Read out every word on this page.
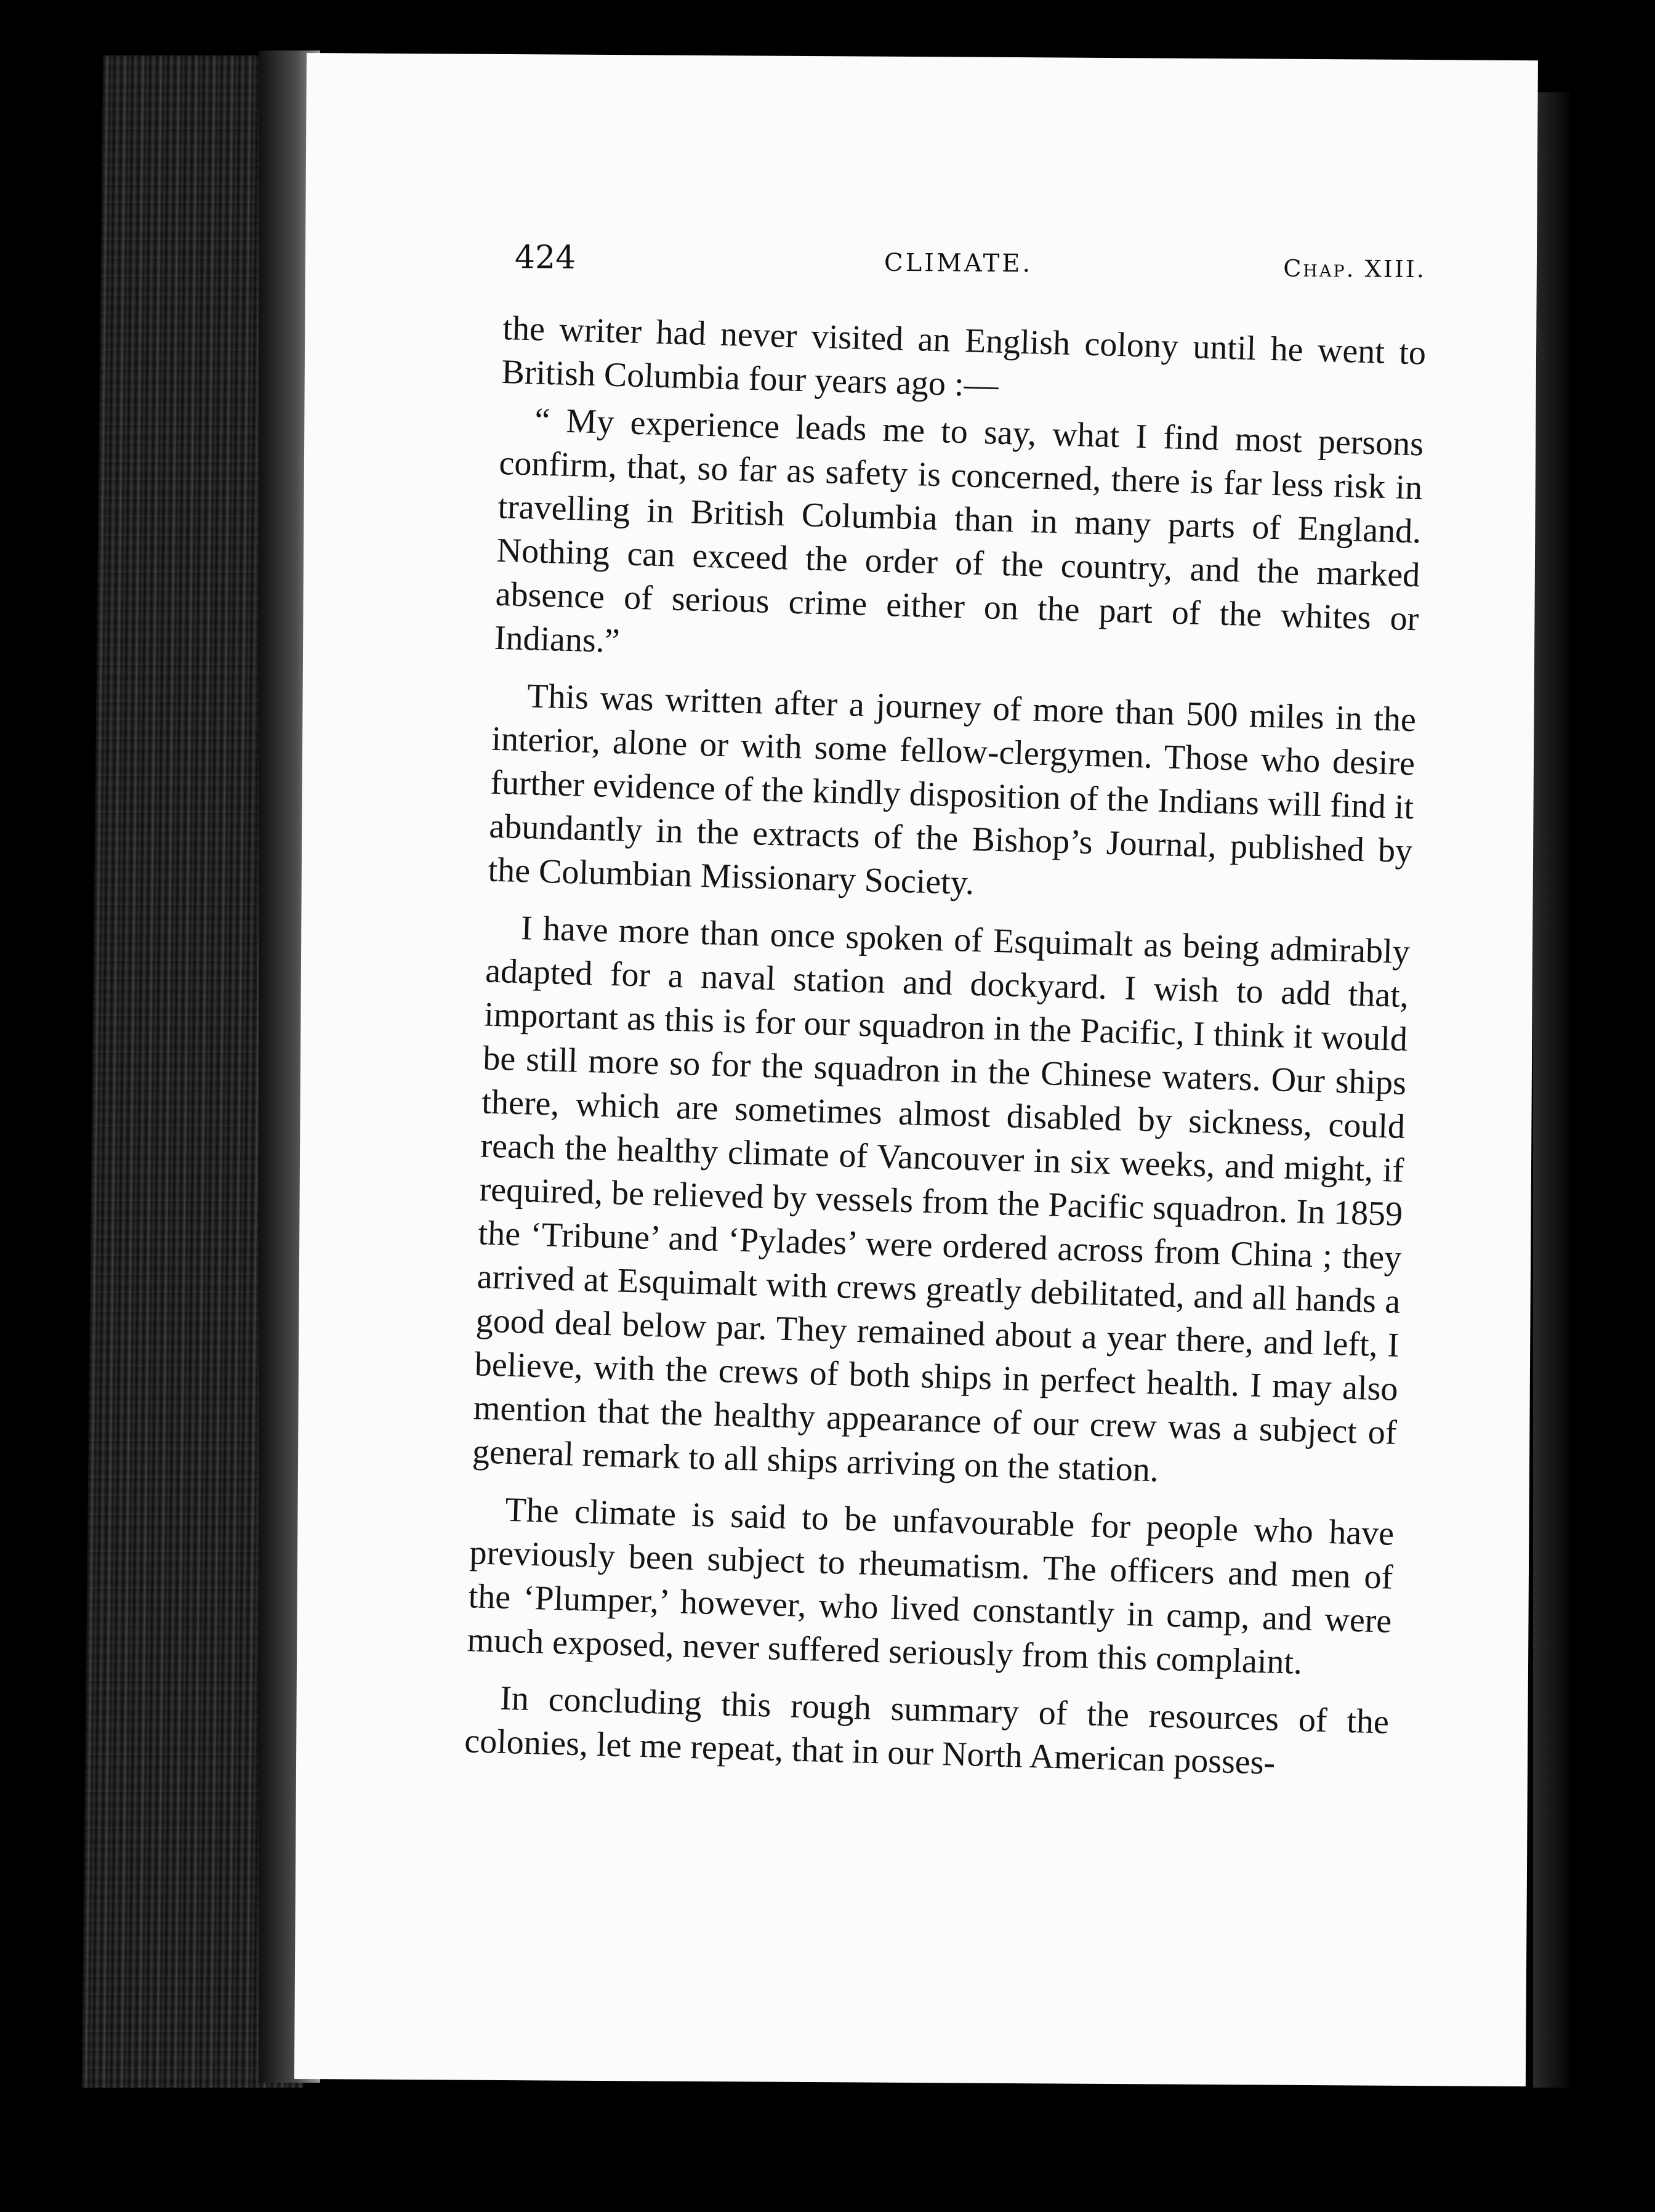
424	CLIMATE.	Chap. XIII.

the writer had never visited an English colony until he went to British Columbia four years ago :—

“ My experience leads me to say, what I find most persons confirm, that, so far as safety is concerned, there is far less risk in travelling in British Columbia than in many parts of England. Nothing can exceed the order of the country, and the marked absence of serious crime either on the part of the whites or Indians.”

This was written after a journey of more than 500 miles in the interior, alone or with some fellow-clergymen. Those who desire further evidence of the kindly disposition of the Indians will find it abundantly in the extracts of the Bishop’s Journal, published by the Columbian Missionary Society.

I have more than once spoken of Esquimalt as being admirably adapted for a naval station and dockyard. I wish to add that, important as this is for our squadron in the Pacific, I think it would be still more so for the squadron in the Chinese waters. Our ships there, which are sometimes almost disabled by sickness, could reach the healthy climate of Vancouver in six weeks, and might, if required, be relieved by vessels from the Pacific squadron. In 1859 the ‘Tribune’ and ‘Pylades’ were ordered across from China ; they arrived at Esquimalt with crews greatly debilitated, and all hands a good deal below par. They remained about a year there, and left, I believe, with the crews of both ships in perfect health. I may also mention that the healthy appearance of our crew was a subject of general remark to all ships arriving on the station.

The climate is said to be unfavourable for people who have previously been subject to rheumatism. The officers and men of the ‘Plumper,’ however, who lived constantly in camp, and were much exposed, never suffered seriously from this complaint.

In concluding this rough summary of the resources of the colonies, let me repeat, that in our North American posses-
